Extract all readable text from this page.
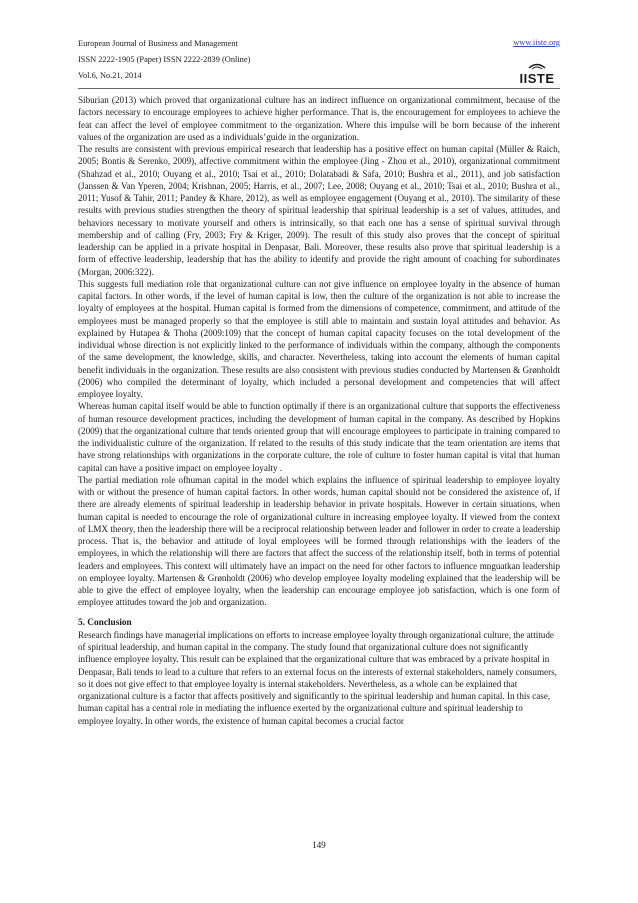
European Journal of Business and Management
ISSN 2222-1905 (Paper) ISSN 2222-2839 (Online)
Vol.6, No.21, 2014
www.iiste.org
IISTE

Siburian (2013) which proved that organizational culture has an indirect influence on organizational commitment, because of the factors necessary to encourage employees to achieve higher performance. That is, the encouragement for employees to achieve the feat can affect the level of employee commitment to the organization. Where this impulse will be born because of the inherent values of the organization are used as a individuals’guide in the organization.

The results are consistent with previous empirical research that leadership has a positive effect on human capital (Müller & Raich, 2005; Bontis & Serenko, 2009), affective commitment within the employee (Jing - Zhou et al., 2010), organizational commitment (Shahzad et al., 2010; Ouyang et al., 2010; Tsai et al., 2010; Dolatabadi & Safa, 2010; Bushra et al., 2011), and job satisfaction (Janssen & Van Yperen, 2004; Krishnan, 2005; Harris, et al., 2007; Lee, 2008; Ouyang et al., 2010; Tsai et al., 2010; Bushra et al., 2011; Yusof & Tahir, 2011; Pandey & Khare, 2012), as well as employee engagement (Ouyang et al., 2010). The similarity of these results with previous studies strengthen the theory of spiritual leadership that spiritual leadership is a set of values, attitudes, and behaviors necessary to motivate yourself and others is intrinsically, so that each one has a sense of spiritual survival through membership and of calling (Fry, 2003; Fry & Kriger, 2009). The result of this study also proves that the concept of spiritual leadership can be applied in a private hospital in Denpasar, Bali. Moreover, these results also prove that spiritual leadership is a form of effective leadership, leadership that has the ability to identify and provide the right amount of coaching for subordinates (Morgan, 2006:322).

This suggests full mediation role that organizational culture can not give influence on employee loyalty in the absence of human capital factors. In other words, if the level of human capital is low, then the culture of the organization is not able to increase the loyalty of employees at the hospital. Human capital is formed from the dimensions of competence, commitment, and attitude of the employees must be managed properly so that the employee is still able to maintain and sustain loyal attitudes and behavior. As explained by Hutapea & Thoha (2009:109) that the concept of human capital capacity focuses on the total development of the individual whose direction is not explicitly linked to the performance of individuals within the company, although the components of the same development, the knowledge, skills, and character. Nevertheless, taking into account the elements of human capital benefit individuals in the organization. These results are also consistent with previous studies conducted by Martensen & Grønholdt (2006) who compiled the determinant of loyalty, which included a personal development and competencies that will affect employee loyalty.

Whereas human capital itself would be able to function optimally if there is an organizational culture that supports the effectiveness of human resource development practices, including the development of human capital in the company. As described by Hopkins (2009) that the organizational culture that tends oriented group that will encourage employees to participate in training compared to the individualistic culture of the organization. If related to the results of this study indicate that the team orientation are items that have strong relationships with organizations in the corporate culture, the role of culture to foster human capital is vital that human capital can have a positive impact on employee loyalty .

The partial mediation role ofhuman capital in the model which explains the influence of spiritual leadership to employee loyalty with or without the presence of human capital factors. In other words, human capital should not be considered the axistence of, if there are already elements of spiritual leadership in leadership behavior in private hospitals. However in certain situations, when human capital is needed to encourage the role of organizational culture in increasing employee loyalty. If viewed from the context of LMX theory, then the leadership there will be a reciprocal relationship between leader and follower in order to create a leadership process. That is, the behavior and attitude of loyal employees will be formed through relationships with the leaders of the employees, in which the relationship will there are factors that affect the success of the relationship itself, both in terms of potential leaders and employees. This context will ultimately have an impact on the need for other factors to influence mnguatkan leadership on employee loyalty. Martensen & Grønholdt (2006) who develop employee loyalty modeling explained that the leadership will be able to give the effect of employee loyalty, when the leadership can encourage employee job satisfaction, which is one form of employee attitudes toward the job and organization.

5. Conclusion

Research findings have managerial implications on efforts to increase employee loyalty through organizational culture, the attitude of spiritual leadership, and human capital in the company. The study found that organizational culture does not significantly influence employee loyalty. This result can be explained that the organizational culture that was embraced by a private hospital in Denpasar, Bali tends to lead to a culture that refers to an external focus on the interests of external stakeholders, namely consumers, so it does not give effect to that employee loyalty is internal stakeholders. Nevertheless, as a whole can be explained that organizational culture is a factor that affects positively and significantly to the spiritual leadership and human capital. In this case, human capital has a central role in mediating the influence exerted by the organizational culture and spiritual leadership to employee loyalty. In other words, the existence of human capital becomes a crucial factor

149
